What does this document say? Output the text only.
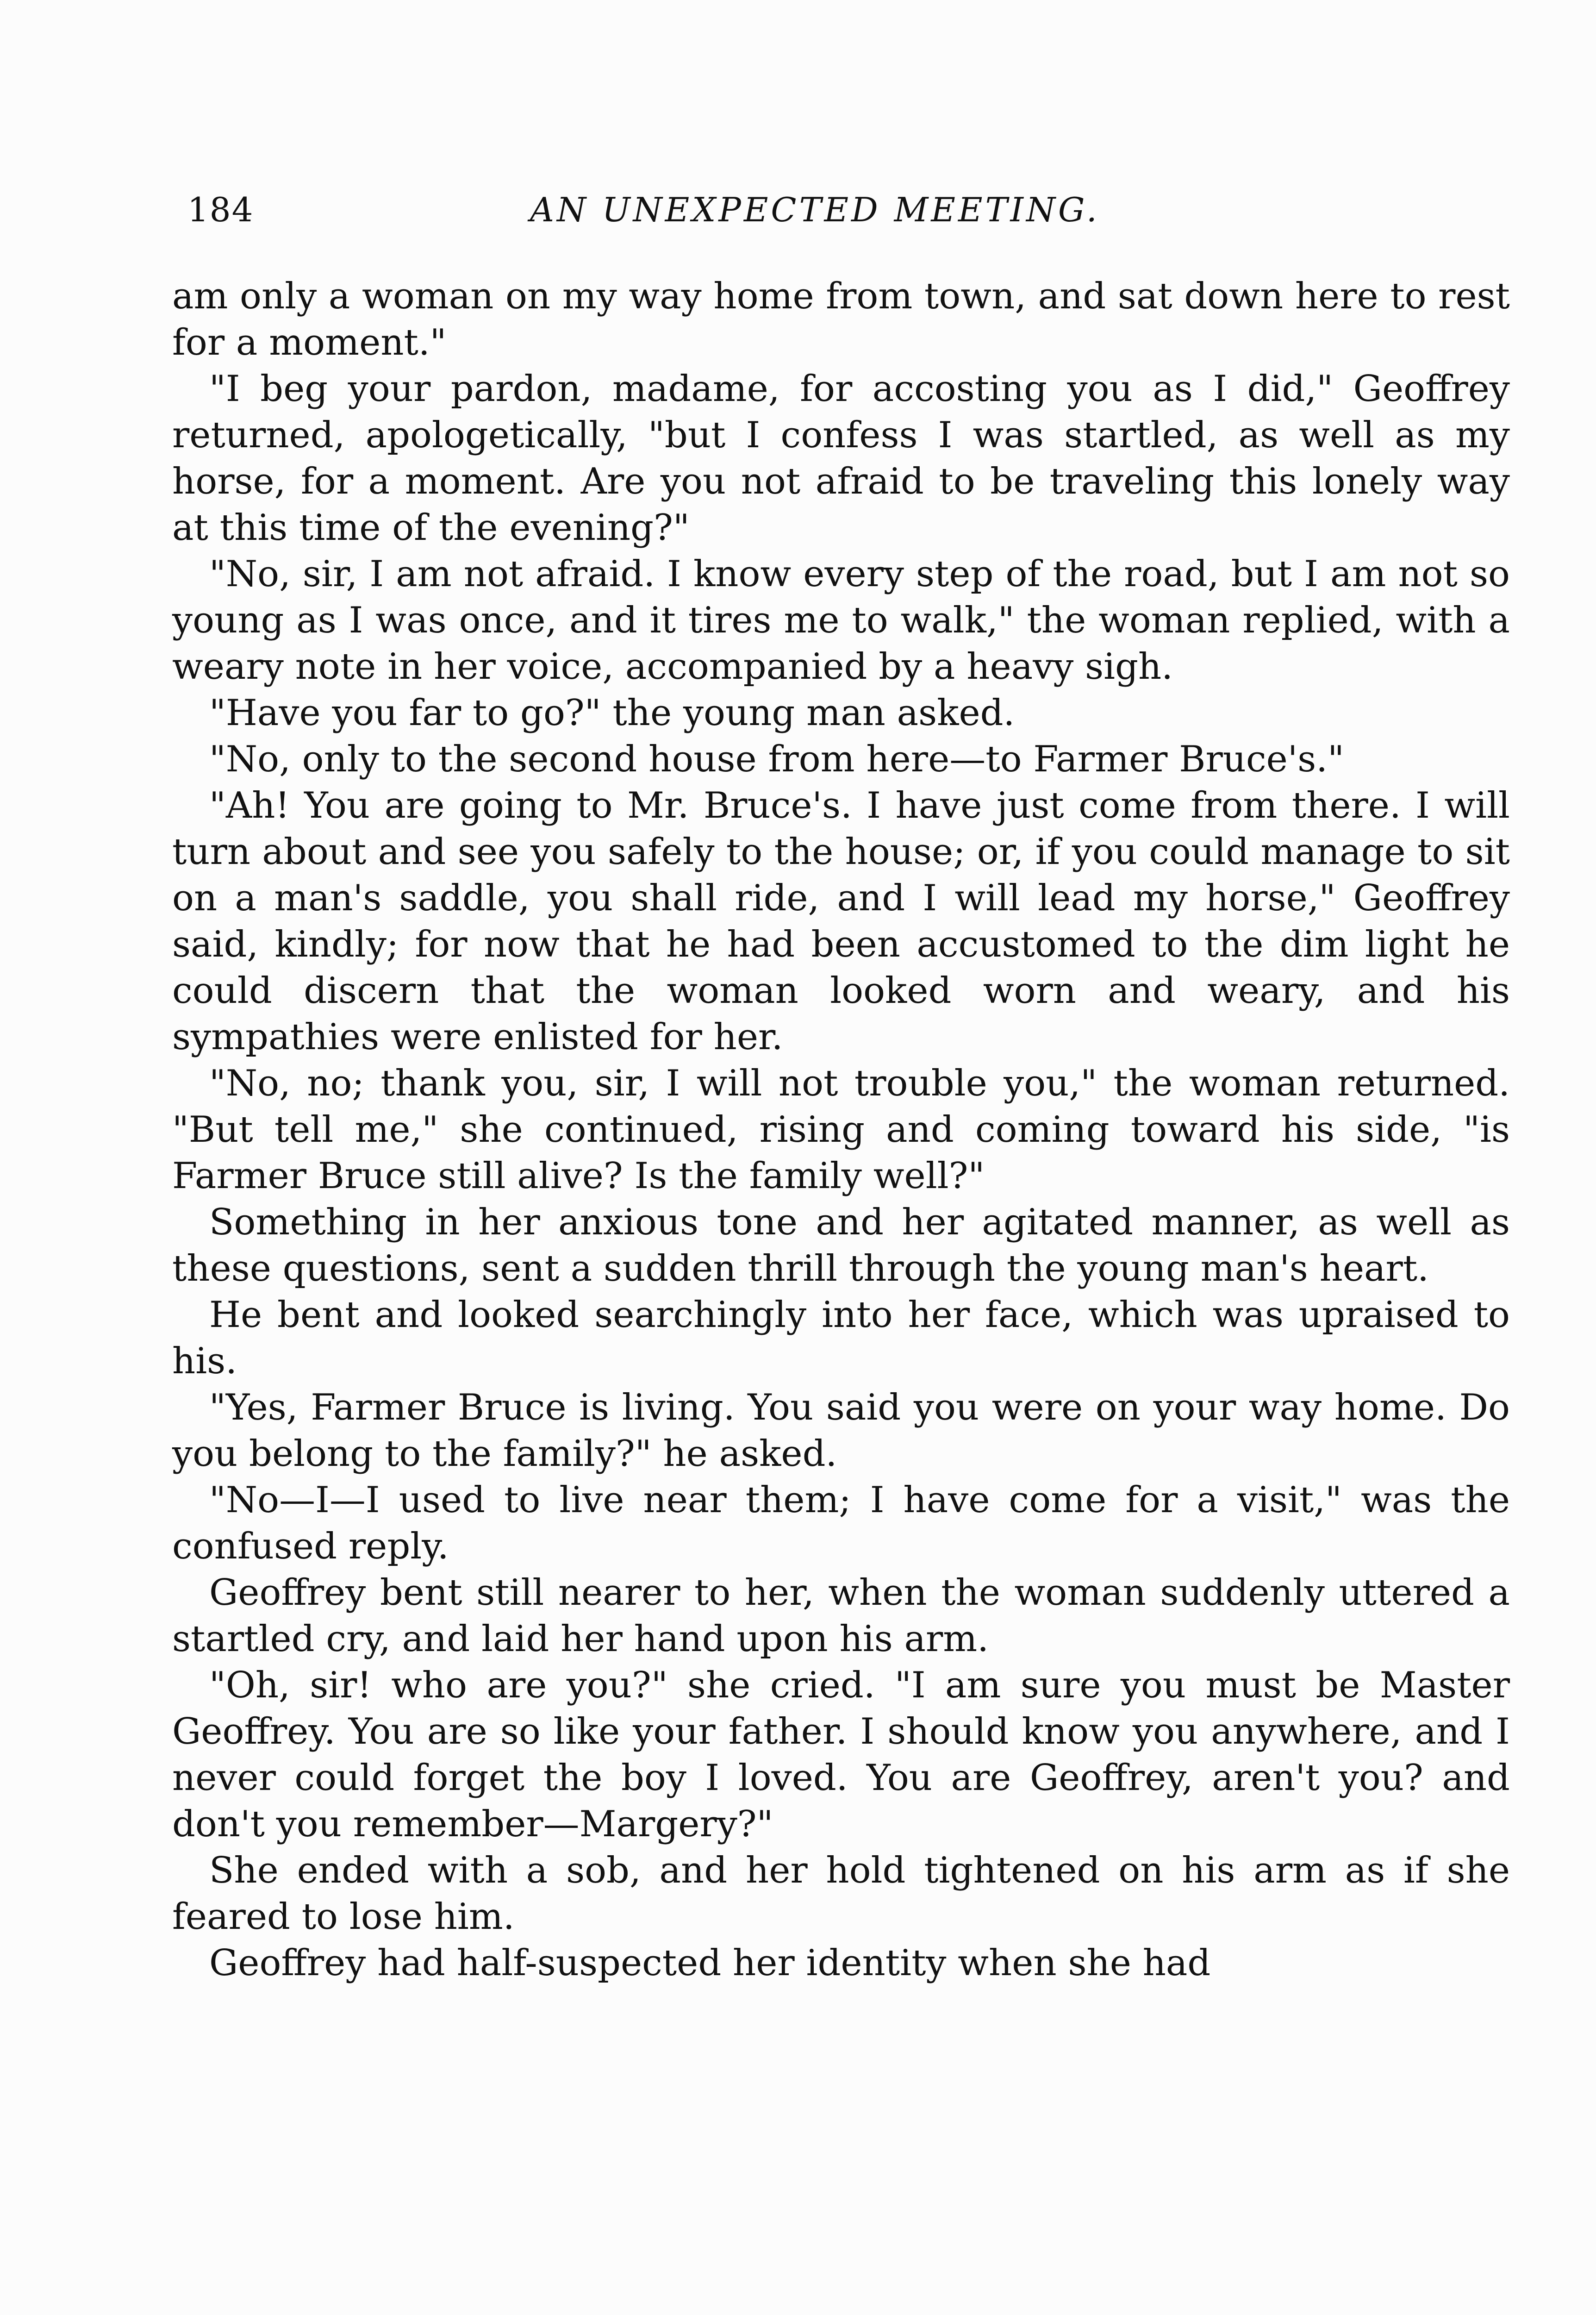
184	AN UNEXPECTED MEETING.

am only a woman on my way home from town, and sat down here to rest for a moment."

"I beg your pardon, madame, for accosting you as I did," Geoffrey returned, apologetically, "but I confess I was startled, as well as my horse, for a moment. Are you not afraid to be traveling this lonely way at this time of the evening?"

"No, sir, I am not afraid. I know every step of the road, but I am not so young as I was once, and it tires me to walk," the woman replied, with a weary note in her voice, accompanied by a heavy sigh.

"Have you far to go?" the young man asked.

"No, only to the second house from here—to Farmer Bruce's."

"Ah! You are going to Mr. Bruce's. I have just come from there. I will turn about and see you safely to the house; or, if you could manage to sit on a man's saddle, you shall ride, and I will lead my horse," Geoffrey said, kindly; for now that he had been accustomed to the dim light he could discern that the woman looked worn and weary, and his sympathies were enlisted for her.

"No, no; thank you, sir, I will not trouble you," the woman returned. "But tell me," she continued, rising and coming toward his side, "is Farmer Bruce still alive? Is the family well?"

Something in her anxious tone and her agitated manner, as well as these questions, sent a sudden thrill through the young man's heart.

He bent and looked searchingly into her face, which was upraised to his.

"Yes, Farmer Bruce is living. You said you were on your way home. Do you belong to the family?" he asked.

"No—I—I used to live near them; I have come for a visit," was the confused reply.

Geoffrey bent still nearer to her, when the woman suddenly uttered a startled cry, and laid her hand upon his arm.

"Oh, sir! who are you?" she cried. "I am sure you must be Master Geoffrey. You are so like your father. I should know you anywhere, and I never could forget the boy I loved. You are Geoffrey, aren't you? and don't you remember—Margery?"

She ended with a sob, and her hold tightened on his arm as if she feared to lose him.

Geoffrey had half-suspected her identity when she had
